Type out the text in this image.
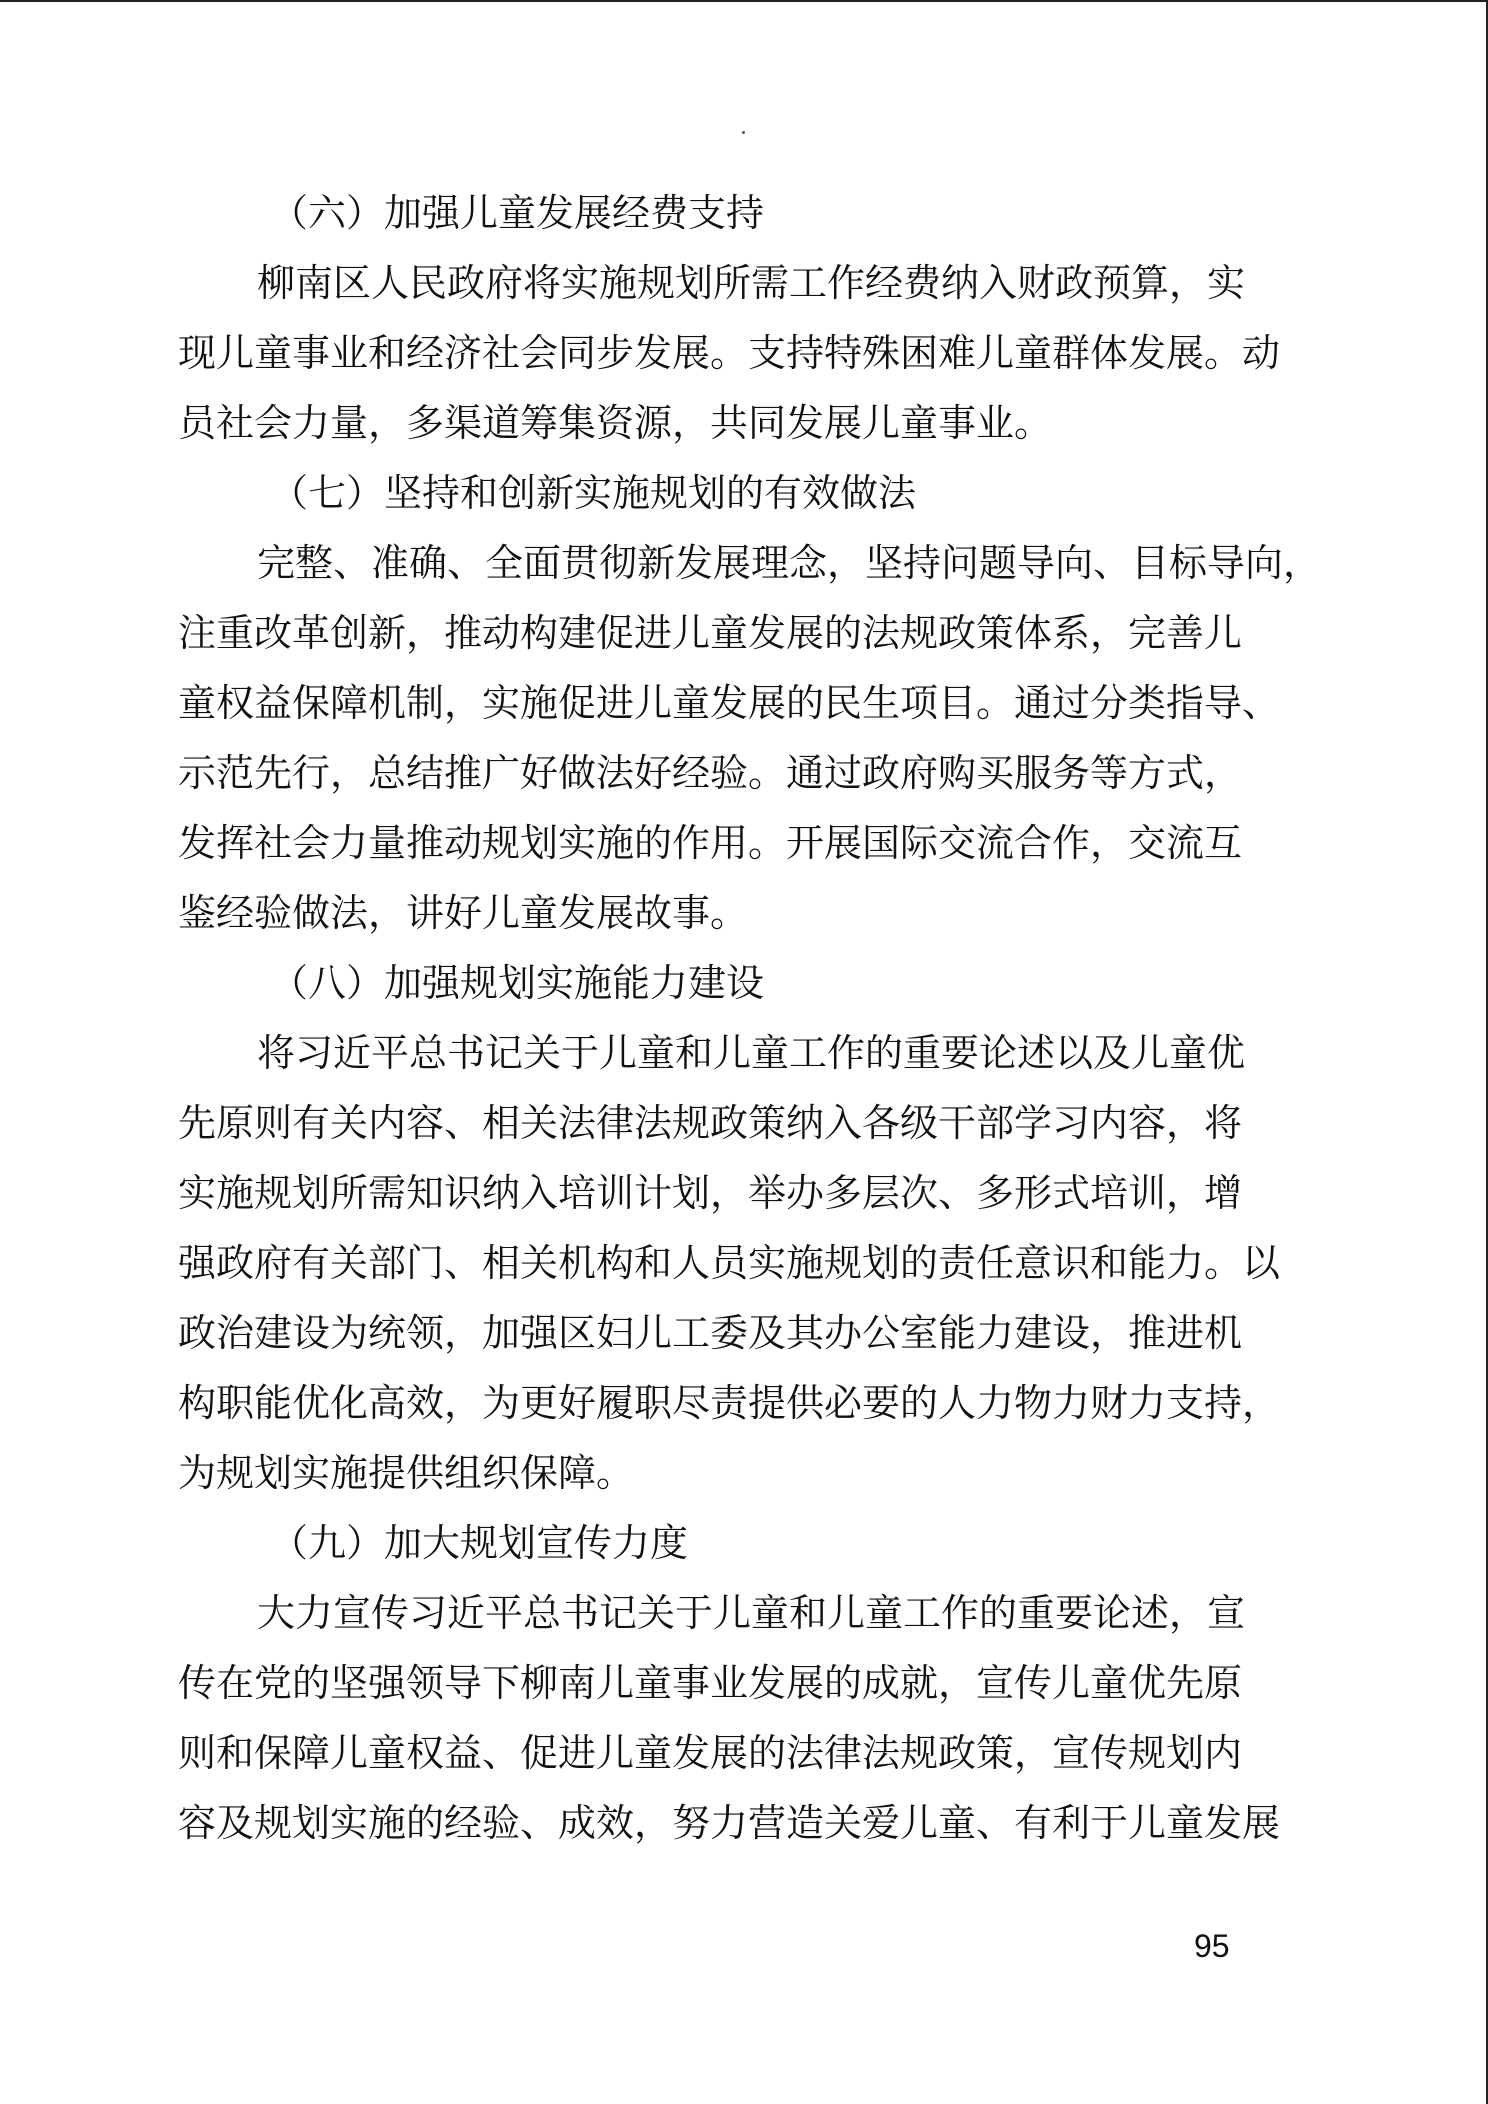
（六）加强儿童发展经费支持
柳南区人民政府将实施规划所需工作经费纳入财政预算，实
现儿童事业和经济社会同步发展。支持特殊困难儿童群体发展。动
员社会力量，多渠道筹集资源，共同发展儿童事业。
（七）坚持和创新实施规划的有效做法
完整、准确、全面贯彻新发展理念，坚持问题导向、目标导向，
注重改革创新，推动构建促进儿童发展的法规政策体系，完善儿
童权益保障机制，实施促进儿童发展的民生项目。通过分类指导、
示范先行，总结推广好做法好经验。通过政府购买服务等方式，
发挥社会力量推动规划实施的作用。开展国际交流合作，交流互
鉴经验做法，讲好儿童发展故事。
（八）加强规划实施能力建设
将习近平总书记关于儿童和儿童工作的重要论述以及儿童优
先原则有关内容、相关法律法规政策纳入各级干部学习内容，将
实施规划所需知识纳入培训计划，举办多层次、多形式培训，增
强政府有关部门、相关机构和人员实施规划的责任意识和能力。以
政治建设为统领，加强区妇儿工委及其办公室能力建设，推进机
构职能优化高效，为更好履职尽责提供必要的人力物力财力支持，
为规划实施提供组织保障。
（九）加大规划宣传力度
大力宣传习近平总书记关于儿童和儿童工作的重要论述，宣
传在党的坚强领导下柳南儿童事业发展的成就，宣传儿童优先原
则和保障儿童权益、促进儿童发展的法律法规政策，宣传规划内
容及规划实施的经验、成效，努力营造关爱儿童、有利于儿童发展
95
